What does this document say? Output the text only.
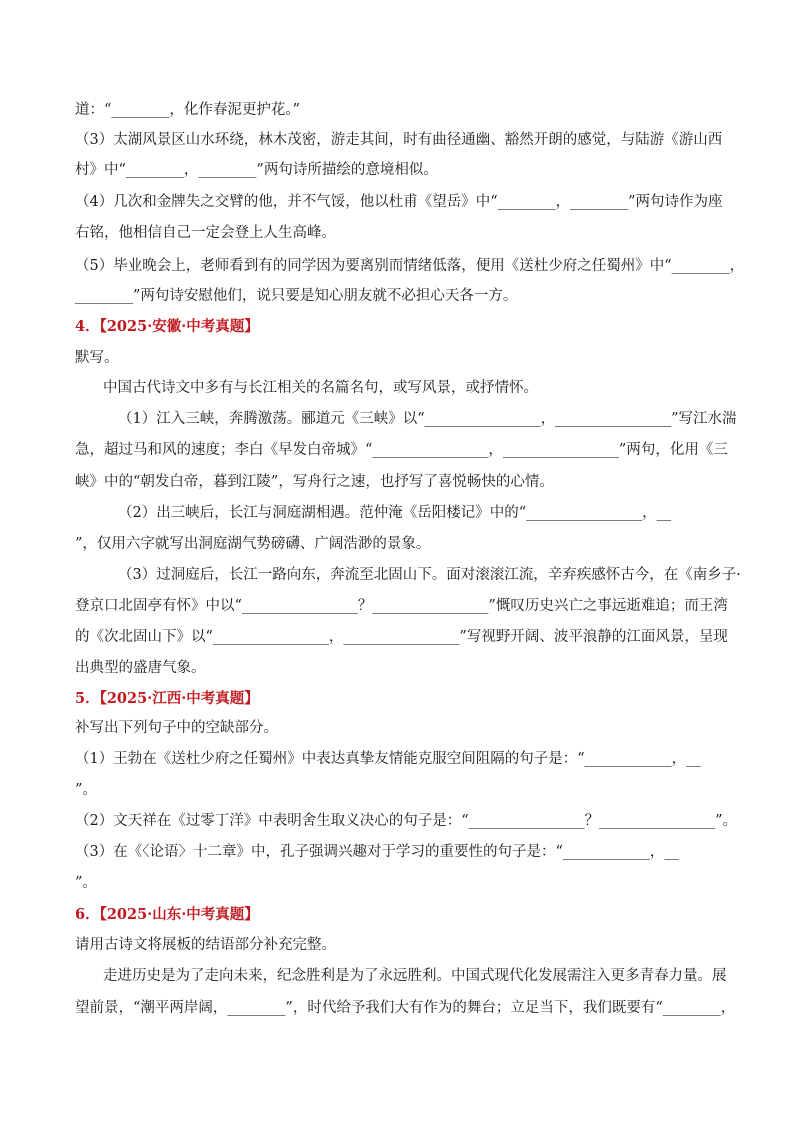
道：“________，化作春泥更护花。”
（3）太湖风景区山水环绕，林木茂密，游走其间，时有曲径通幽、豁然开朗的感觉，与陆游《游山西
村》中“________，________”两句诗所描绘的意境相似。
（4）几次和金牌失之交臂的他，并不气馁，他以杜甫《望岳》中“________，________”两句诗作为座
右铭，他相信自己一定会登上人生高峰。
（5）毕业晚会上，老师看到有的同学因为要离别而情绪低落，便用《送杜少府之任蜀州》中“________，
________”两句诗安慰他们，说只要是知心朋友就不必担心天各一方。
4．【2025·安徽·中考真题】
默写。
中国古代诗文中多有与长江相关的名篇名句，或写风景，或抒情怀。
（1）江入三峡，奔腾激荡。郦道元《三峡》以“________________，________________”写江水湍
急，超过马和风的速度；李白《早发白帝城》“________________，________________”两句，化用《三
峡》中的“朝发白帝，暮到江陵”，写舟行之速，也抒写了喜悦畅快的心情。
（2）出三峡后，长江与洞庭湖相遇。范仲淹《岳阳楼记》中的“________________，__
”，仅用六字就写出洞庭湖气势磅礴、广阔浩渺的景象。
（3）过洞庭后，长江一路向东，奔流至北固山下。面对滚滚江流，辛弃疾感怀古今，在《南乡子·
登京口北固亭有怀》中以“________________？________________”慨叹历史兴亡之事远逝难追；而王湾
的《次北固山下》以“________________，________________”写视野开阔、波平浪静的江面风景，呈现
出典型的盛唐气象。
5．【2025·江西·中考真题】
补写出下列句子中的空缺部分。
（1）王勃在《送杜少府之任蜀州》中表达真挚友情能克服空间阻隔的句子是：“____________，__
”。
（2）文天祥在《过零丁洋》中表明舍生取义决心的句子是：“________________？________________”。
（3）在《〈论语〉十二章》中，孔子强调兴趣对于学习的重要性的句子是：“____________，__
”。
6．【2025·山东·中考真题】
请用古诗文将展板的结语部分补充完整。
走进历史是为了走向未来，纪念胜利是为了永远胜利。中国式现代化发展需注入更多青春力量。展
望前景，“潮平两岸阔，________”，时代给予我们大有作为的舞台；立足当下，我们既要有“________，
